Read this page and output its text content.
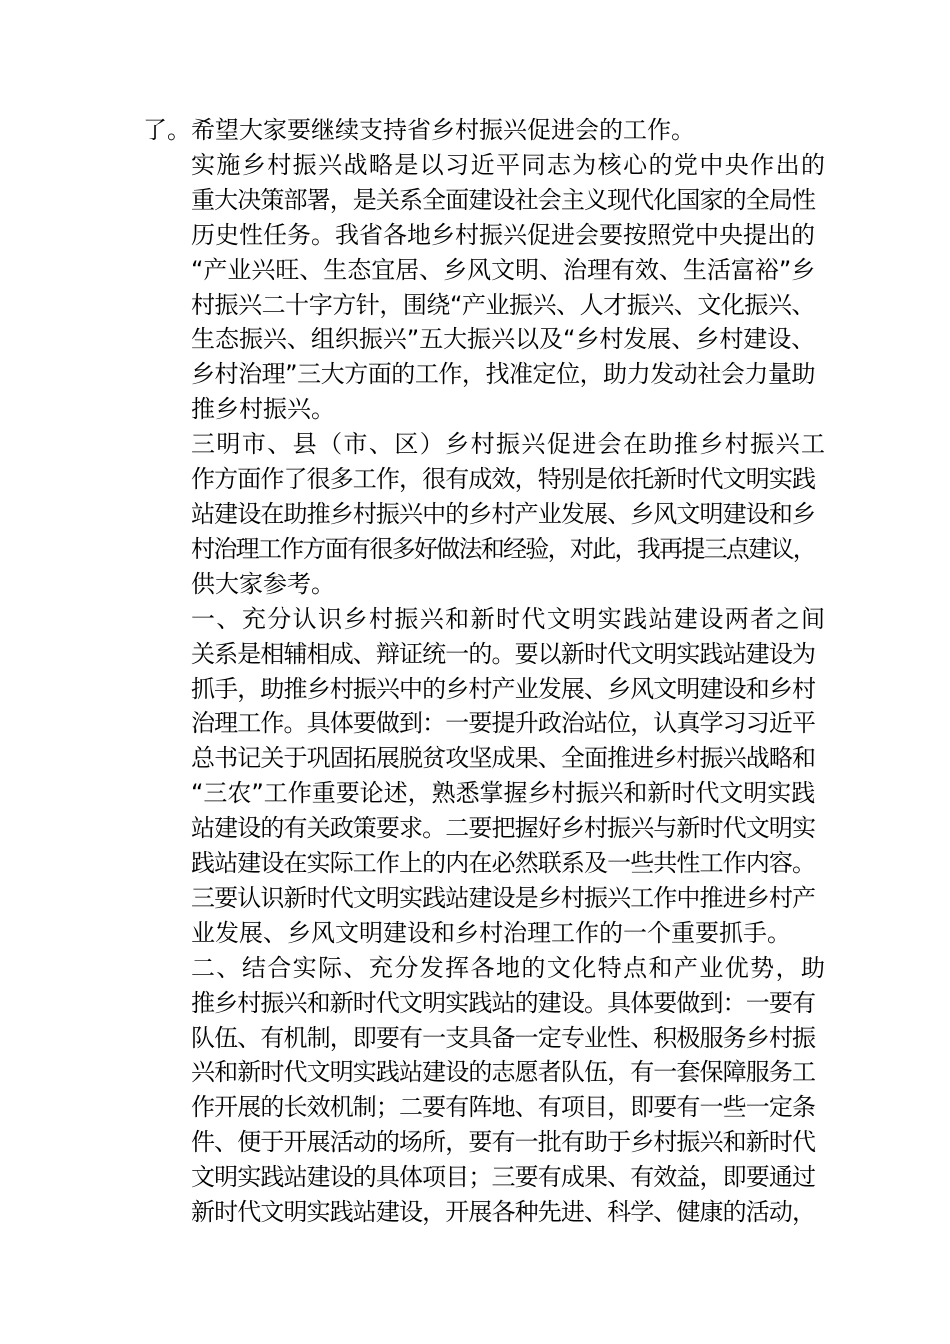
了。希望大家要继续支持省乡村振兴促进会的工作。
实施乡村振兴战略是以习近平同志为核心的党中央作出的
重大决策部署，是关系全面建设社会主义现代化国家的全局性
历史性任务。我省各地乡村振兴促进会要按照党中央提出的
“产业兴旺、生态宜居、乡风文明、治理有效、生活富裕”乡
村振兴二十字方针，围绕“产业振兴、人才振兴、文化振兴、
生态振兴、组织振兴”五大振兴以及“乡村发展、乡村建设、
乡村治理”三大方面的工作，找准定位，助力发动社会力量助
推乡村振兴。
三明市、县（市、区）乡村振兴促进会在助推乡村振兴工
作方面作了很多工作，很有成效，特别是依托新时代文明实践
站建设在助推乡村振兴中的乡村产业发展、乡风文明建设和乡
村治理工作方面有很多好做法和经验，对此，我再提三点建议，
供大家参考。
一、充分认识乡村振兴和新时代文明实践站建设两者之间
关系是相辅相成、辩证统一的。要以新时代文明实践站建设为
抓手，助推乡村振兴中的乡村产业发展、乡风文明建设和乡村
治理工作。具体要做到：一要提升政治站位，认真学习习近平
总书记关于巩固拓展脱贫攻坚成果、全面推进乡村振兴战略和
“三农”工作重要论述，熟悉掌握乡村振兴和新时代文明实践
站建设的有关政策要求。二要把握好乡村振兴与新时代文明实
践站建设在实际工作上的内在必然联系及一些共性工作内容。
三要认识新时代文明实践站建设是乡村振兴工作中推进乡村产
业发展、乡风文明建设和乡村治理工作的一个重要抓手。
二、结合实际、充分发挥各地的文化特点和产业优势，助
推乡村振兴和新时代文明实践站的建设。具体要做到：一要有
队伍、有机制，即要有一支具备一定专业性、积极服务乡村振
兴和新时代文明实践站建设的志愿者队伍，有一套保障服务工
作开展的长效机制；二要有阵地、有项目，即要有一些一定条
件、便于开展活动的场所，要有一批有助于乡村振兴和新时代
文明实践站建设的具体项目；三要有成果、有效益，即要通过
新时代文明实践站建设，开展各种先进、科学、健康的活动，
